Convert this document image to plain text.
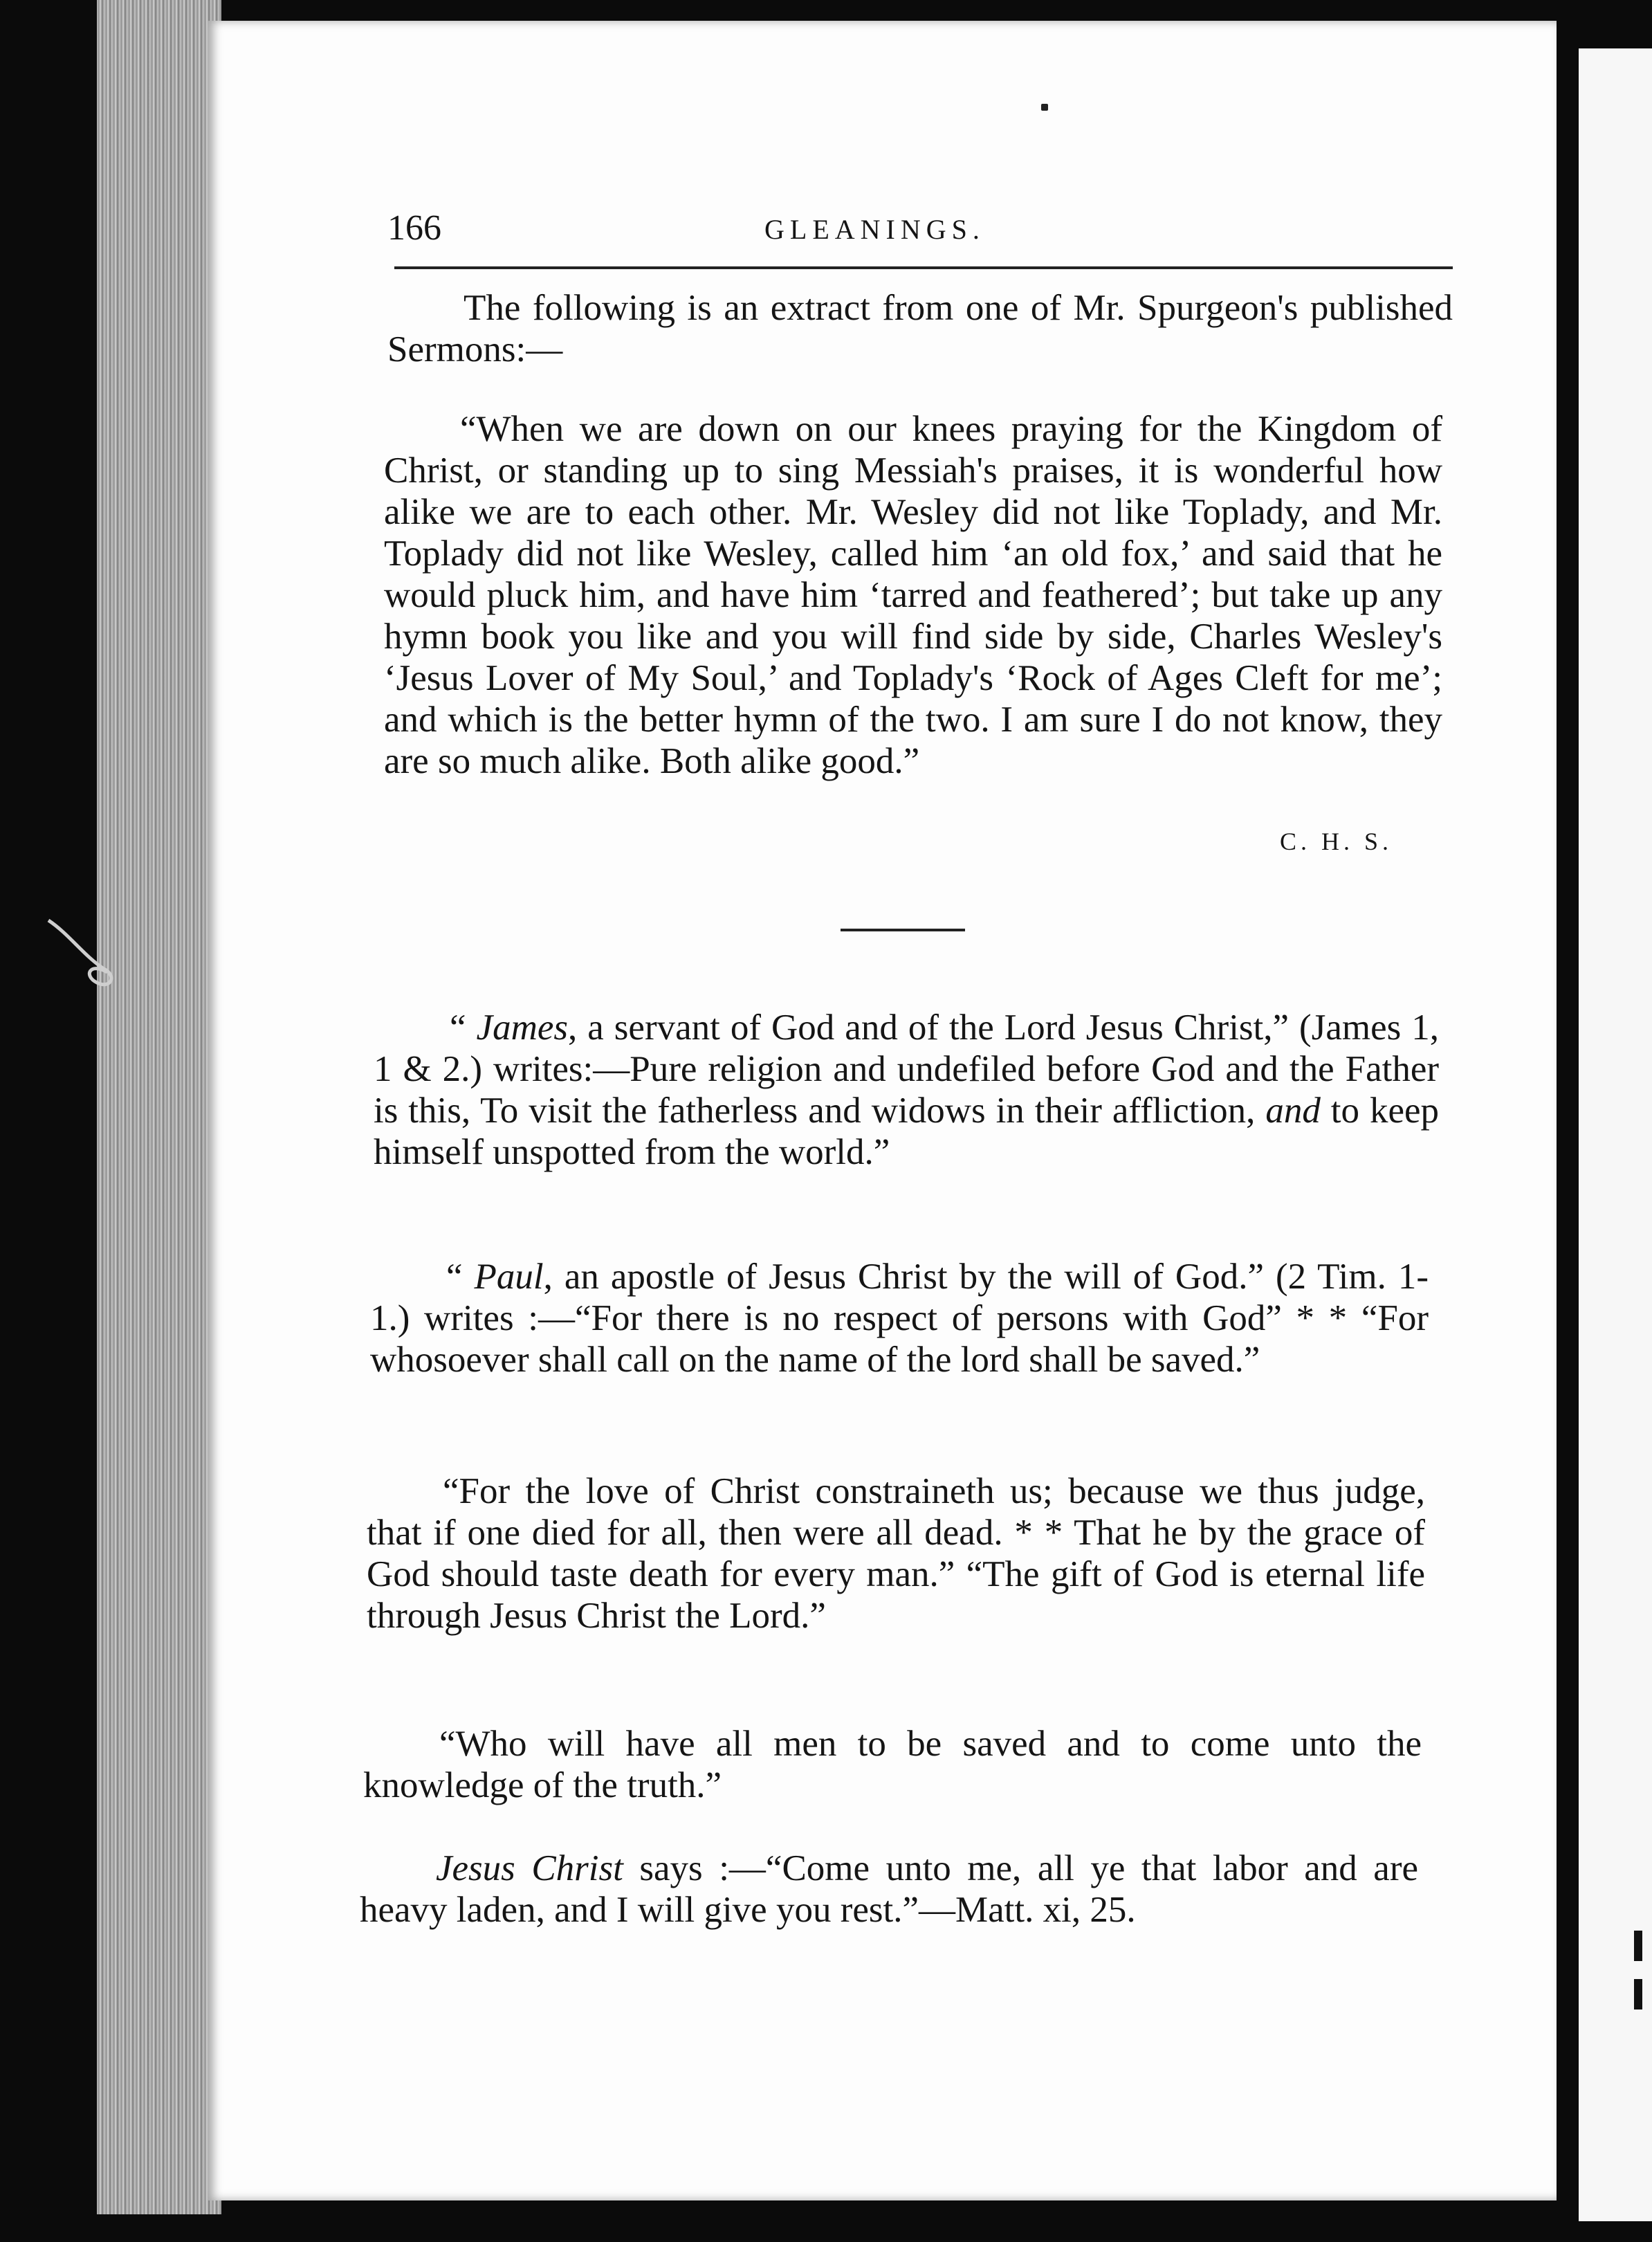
166	GLEANINGS.

The following is an extract from one of Mr. Spurgeon's published Sermons:—

“When we are down on our knees praying for the Kingdom of Christ, or standing up to sing Messiah's praises, it is wonderful how alike we are to each other. Mr. Wesley did not like Toplady, and Mr. Toplady did not like Wesley, called him ‘an old fox,’ and said that he would pluck him, and have him ‘tarred and feathered’; but take up any hymn book you like and you will find side by side, Charles Wesley's ‘Jesus Lover of My Soul,’ and Toplady's ‘Rock of Ages Cleft for me’; and which is the better hymn of the two. I am sure I do not know, they are so much alike. Both alike good.”

C. H. S.

“ James, a servant of God and of the Lord Jesus Christ,” (James 1, 1 & 2.) writes:—Pure religion and undefiled before God and the Father is this, To visit the fatherless and widows in their affliction, and to keep himself unspotted from the world.”

“ Paul, an apostle of Jesus Christ by the will of God.” (2 Tim. 1-1.) writes :—“For there is no respect of persons with God” * * “For whosoever shall call on the name of the lord shall be saved.”

“For the love of Christ constraineth us; because we thus judge, that if one died for all, then were all dead. * * That he by the grace of God should taste death for every man.” “The gift of God is eternal life through Jesus Christ the Lord.”

“Who will have all men to be saved and to come unto the knowledge of the truth.”

Jesus Christ says :—“Come unto me, all ye that labor and are heavy laden, and I will give you rest.”—Matt. xi, 25.
